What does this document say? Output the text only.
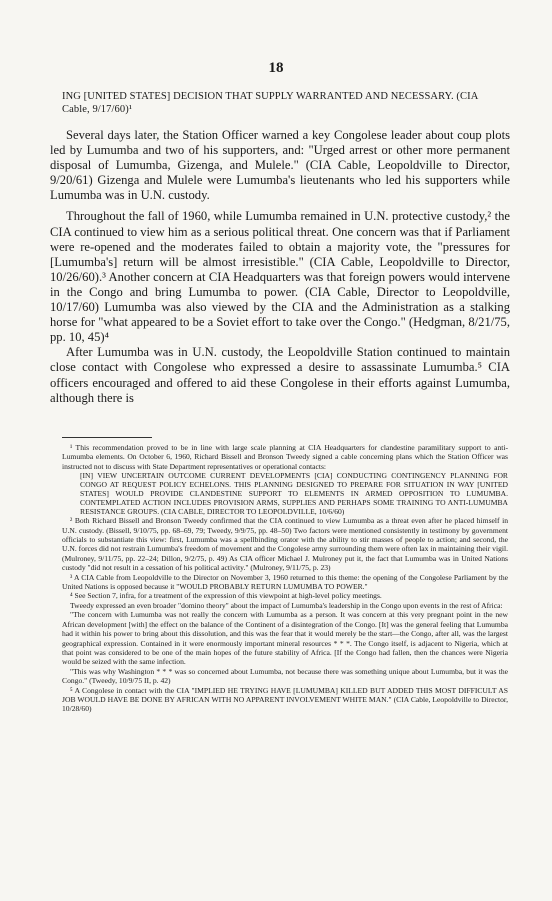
18

ING [UNITED STATES] DECISION THAT SUPPLY WARRANTED AND NECESSARY. (CIA Cable, 9/17/60)¹

Several days later, the Station Officer warned a key Congolese leader about coup plots led by Lumumba and two of his supporters, and: "Urged arrest or other more permanent disposal of Lumumba, Gizenga, and Mulele." (CIA Cable, Leopoldville to Director, 9/20/61) Gizenga and Mulele were Lumumba's lieutenants who led his supporters while Lumumba was in U.N. custody.

Throughout the fall of 1960, while Lumumba remained in U.N. protective custody,² the CIA continued to view him as a serious political threat. One concern was that if Parliament were re-opened and the moderates failed to obtain a majority vote, the "pressures for [Lumumba's] return will be almost irresistible." (CIA Cable, Leopoldville to Director, 10/26/60).³ Another concern at CIA Headquarters was that foreign powers would intervene in the Congo and bring Lumumba to power. (CIA Cable, Director to Leopoldville, 10/17/60) Lumumba was also viewed by the CIA and the Administration as a stalking horse for "what appeared to be a Soviet effort to take over the Congo." (Hedgman, 8/21/75, pp. 10, 45)⁴

After Lumumba was in U.N. custody, the Leopoldville Station continued to maintain close contact with Congolese who expressed a desire to assassinate Lumumba.⁵ CIA officers encouraged and offered to aid these Congolese in their efforts against Lumumba, although there is

¹ This recommendation proved to be in line with large scale planning at CIA Headquarters for clandestine paramilitary support to anti-Lumumba elements. On October 6, 1960, Richard Bissell and Bronson Tweedy signed a cable concerning plans which the Station Officer was instructed not to discuss with State Department representatives or operational contacts:

[IN] VIEW UNCERTAIN OUTCOME CURRENT DEVELOPMENTS [CIA] CONDUCTING CONTINGENCY PLANNING FOR CONGO AT REQUEST POLICY ECHELONS. THIS PLANNING DESIGNED TO PREPARE FOR SITUATION IN WAY [UNITED STATES] WOULD PROVIDE CLANDESTINE SUPPORT TO ELEMENTS IN ARMED OPPOSITION TO LUMUMBA. CONTEMPLATED ACTION INCLUDES PROVISION ARMS, SUPPLIES AND PERHAPS SOME TRAINING TO ANTI-LUMUMBA RESISTANCE GROUPS. (CIA CABLE, DIRECTOR TO LEOPOLDVILLE, 10/6/60)

² Both Richard Bissell and Bronson Tweedy confirmed that the CIA continued to view Lumumba as a threat even after he placed himself in U.N. custody. (Bissell, 9/10/75, pp. 68–69, 79; Tweedy, 9/9/75, pp. 48–50) Two factors were mentioned consistently in testimony by government officials to substantiate this view: first, Lumumba was a spellbinding orator with the ability to stir masses of people to action; and second, the U.N. forces did not restrain Lumumba's freedom of movement and the Congolese army surrounding them were often lax in maintaining their vigil. (Mulroney, 9/11/75, pp. 22–24; Dillon, 9/2/75, p. 49) As CIA officer Michael J. Mulroney put it, the fact that Lumumba was in United Nations custody "did not result in a cessation of his political activity." (Mulroney, 9/11/75, p. 23)

³ A CIA Cable from Leopoldville to the Director on November 3, 1960 returned to this theme: the opening of the Congolese Parliament by the United Nations is opposed because it "WOULD PROBABLY RETURN LUMUMBA TO POWER."

⁴ See Section 7, infra, for a treatment of the expression of this viewpoint at high-level policy meetings.

Tweedy expressed an even broader "domino theory" about the impact of Lumumba's leadership in the Congo upon events in the rest of Africa:

"The concern with Lumumba was not really the concern with Lumumba as a person. It was concern at this very pregnant point in the new African development [with] the effect on the balance of the Continent of a disintegration of the Congo. [It] was the general feeling that Lumumba had it within his power to bring about this dissolution, and this was the fear that it would merely be the start—the Congo, after all, was the largest geographical expression. Contained in it were enormously important mineral resources * * *. The Congo itself, is adjacent to Nigeria, which at that point was considered to be one of the main hopes of the future stability of Africa. [If the Congo had fallen, then the chances were Nigeria would be seized with the same infection.

"This was why Washington * * * was so concerned about Lumumba, not because there was something unique about Lumumba, but it was the Congo." (Tweedy, 10/9/75 II, p. 42)

⁵ A Congolese in contact with the CIA "IMPLIED HE TRYING HAVE [LUMUMBA] KILLED BUT ADDED THIS MOST DIFFICULT AS JOB WOULD HAVE BE DONE BY AFRICAN WITH NO APPARENT INVOLVEMENT WHITE MAN." (CIA Cable, Leopoldville to Director, 10/28/60)
